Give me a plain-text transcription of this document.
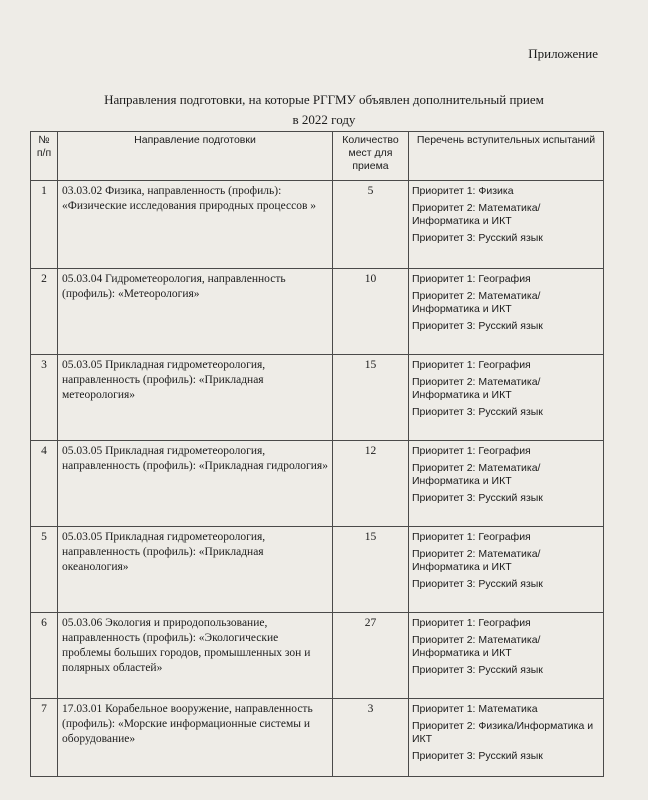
Приложение
Направления подготовки, на которые РГГМУ объявлен дополнительный прием
в 2022 году
№ п/п	Направление подготовки	Количество мест для приема	Перечень вступительных испытаний
1	03.03.02 Физика, направленность (профиль): «Физические исследования природных процессов »	5	Приоритет 1: Физика
Приоритет 2: Математика/Информатика и ИКТ
Приоритет 3: Русский язык

2	05.03.04 Гидрометеорология, направленность (профиль): «Метеорология»	10	Приоритет 1: География
Приоритет 2: Математика/Информатика и ИКТ
Приоритет 3: Русский язык

3	05.03.05 Прикладная гидрометеорология, направленность (профиль): «Прикладная метеорология»	15	Приоритет 1: География
Приоритет 2: Математика/Информатика и ИКТ
Приоритет 3: Русский язык

4	05.03.05 Прикладная гидрометеорология, направленность (профиль): «Прикладная гидрология»	12	Приоритет 1: География
Приоритет 2: Математика/Информатика и ИКТ
Приоритет 3: Русский язык

5	05.03.05 Прикладная гидрометеорология, направленность (профиль): «Прикладная океанология»	15	Приоритет 1: География
Приоритет 2: Математика/Информатика и ИКТ
Приоритет 3: Русский язык

6	05.03.06 Экология и природопользование, направленность (профиль): «Экологические проблемы больших городов, промышленных зон и полярных областей»	27	Приоритет 1: География
Приоритет 2: Математика/Информатика и ИКТ
Приоритет 3: Русский язык

7	17.03.01 Корабельное вооружение, направленность (профиль): «Морские информационные системы и оборудование»	3	Приоритет 1: Математика
Приоритет 2: Физика/Информатика и ИКТ
Приоритет 3: Русский язык
